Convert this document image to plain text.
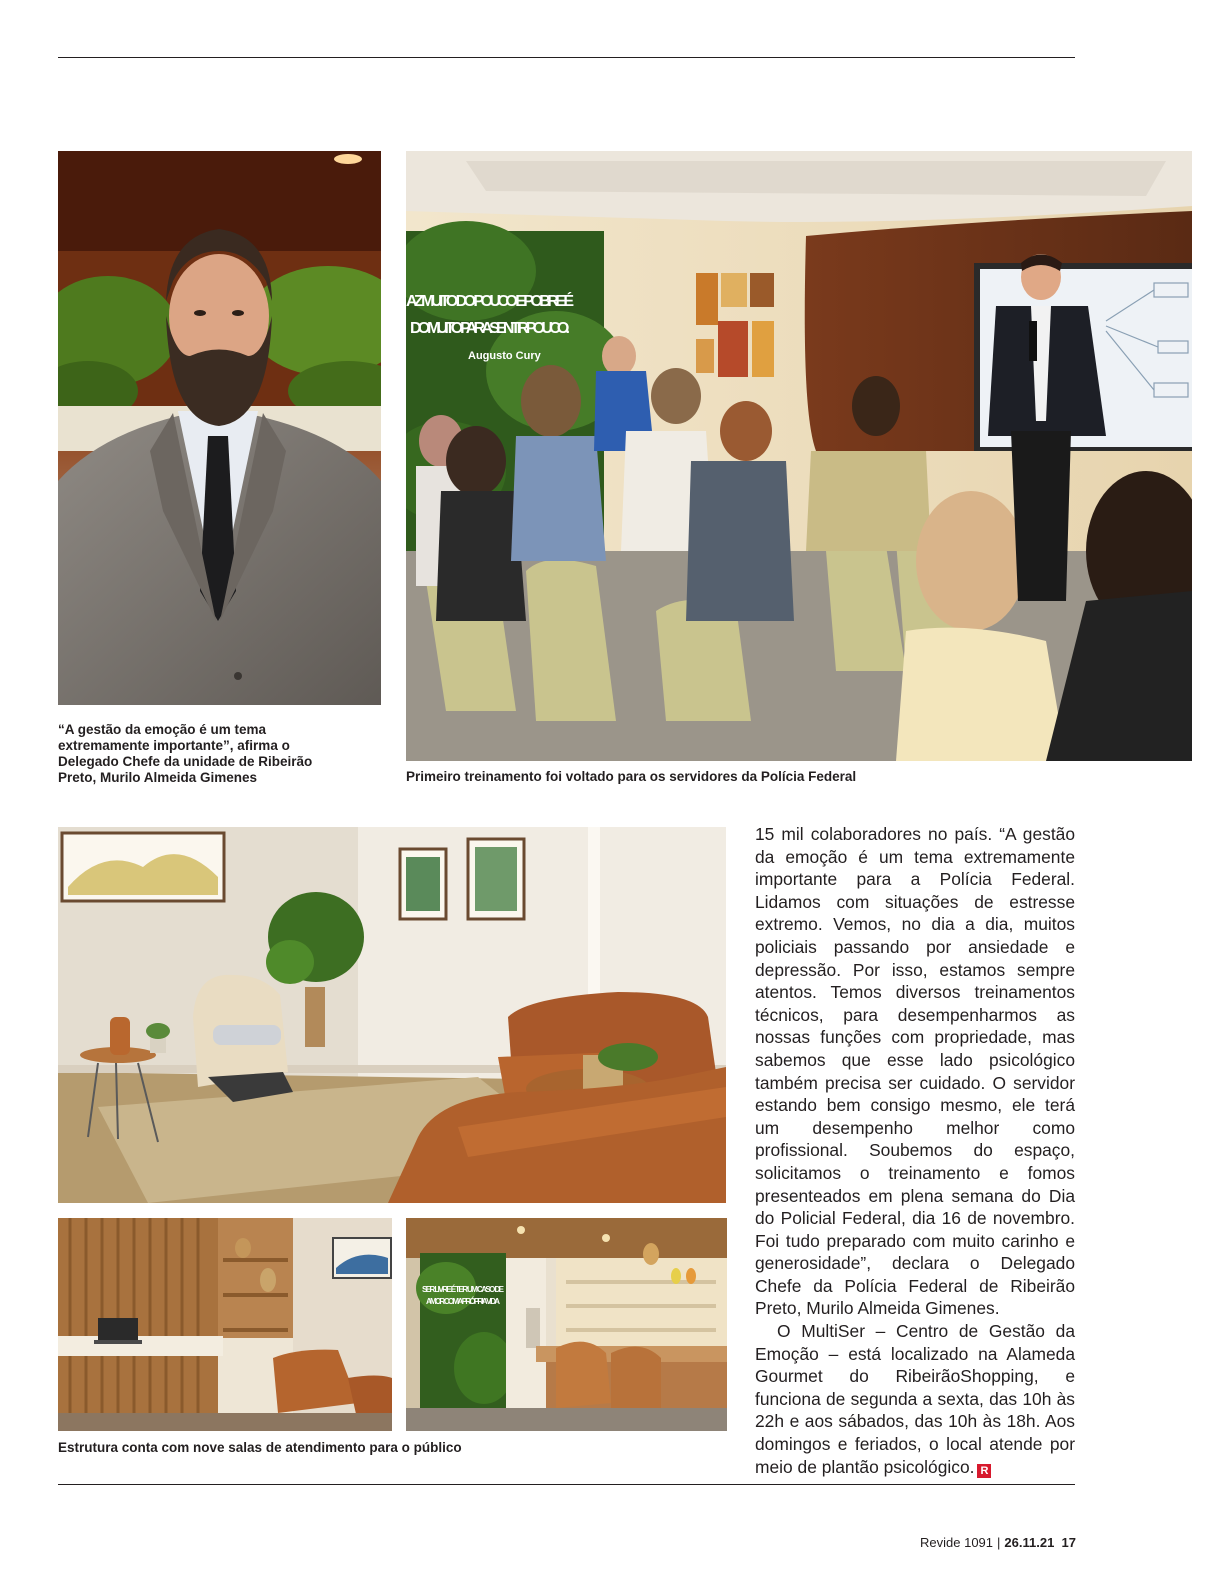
“A gestão da emoção é um tema extremamente importante”, afirma o Delegado Chefe da unidade de Ribeirão Preto, Murilo Almeida Gimenes
AZ MUITO DO POUCO E POBRE É
DO MUITO PARA SENTIR POUCO.
Augusto Cury
Primeiro treinamento foi voltado para os servidores da Polícia Federal
SER LIVRE É TER UM CASO DE
AMOR COM A PRÓPRIA VIDA
Estrutura conta com nove salas de atendimento para o público

15 mil colaboradores no país. “A gestão da emoção é um tema extremamente importante para a Polícia Federal. Lidamos com situações de estresse extremo. Vemos, no dia a dia, muitos policiais passando por ansiedade e depressão. Por isso, estamos sempre atentos. Temos diversos treinamentos técnicos, para desempenharmos as nossas funções com propriedade, mas sabemos que esse lado psicológico também precisa ser cuidado. O servidor estando bem consigo mesmo, ele terá um desempenho melhor como profissional. Soubemos do espaço, solicitamos o treinamento e fomos presenteados em plena semana do Dia do Policial Federal, dia 16 de novembro. Foi tudo preparado com muito carinho e generosidade”, declara o Delegado Chefe da Polícia Federal de Ribeirão Preto, Murilo Almeida Gimenes.

O MultiSer – Centro de Gestão da Emoção – está localizado na Alameda Gourmet do RibeirãoShopping, e funciona de segunda a sexta, das 10h às 22h e aos sábados, das 10h às 18h. Aos domingos e feriados, o local atende por meio de plantão psicológico. R

Revide 1091 | 26.11.21 17
